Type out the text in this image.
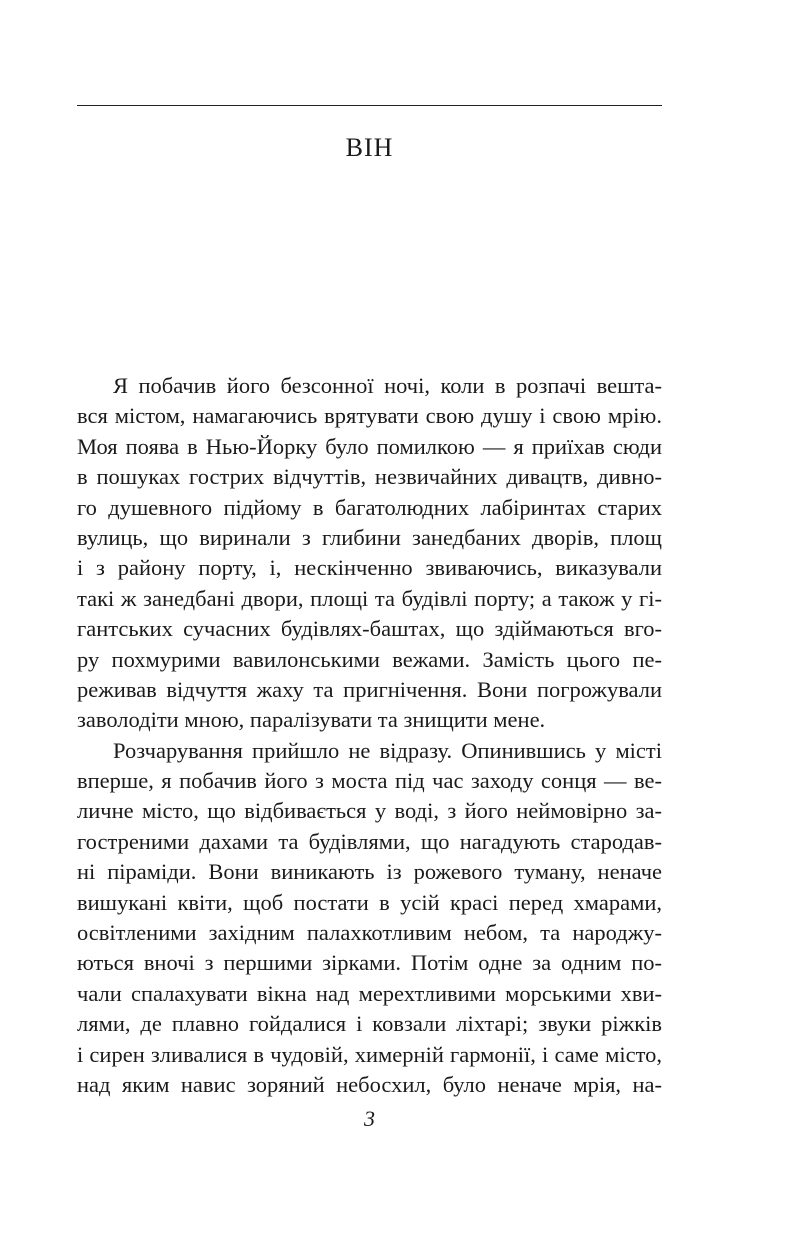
ВІН
Я побачив його безсонної ночі, коли в розпачі вешта-
вся містом, намагаючись врятувати свою душу і свою мрію.
Моя поява в Нью-Йорку було помилкою — я приїхав сюди
в пошуках гострих відчуттів, незвичайних дивацтв, дивно-
го душевного підйому в багатолюдних лабіринтах старих
вулиць, що виринали з глибини занедбаних дворів, площ
і з району порту, і, нескінченно звиваючись, виказували
такі ж занедбані двори, площі та будівлі порту; а також у гі-
гантських сучасних будівлях-баштах, що здіймаються вго-
ру похмурими вавилонськими вежами. Замість цього пе-
реживав відчуття жаху та пригнічення. Вони погрожували
заволодіти мною, паралізувати та знищити мене.
Розчарування прийшло не відразу. Опинившись у місті
вперше, я побачив його з моста під час заходу сонця — ве-
личне місто, що відбивається у воді, з його неймовірно за-
гостреними дахами та будівлями, що нагадують стародав-
ні піраміди. Вони виникають із рожевого туману, неначе
вишукані квіти, щоб постати в усій красі перед хмарами,
освітленими західним палахкотливим небом, та народжу-
ються вночі з першими зірками. Потім одне за одним по-
чали спалахувати вікна над мерехтливими морськими хви-
лями, де плавно гойдалися і ковзали ліхтарі; звуки ріжків
і сирен зливалися в чудовій, химерній гармонії, і саме місто,
над яким навис зоряний небосхил, було неначе мрія, на-
3
